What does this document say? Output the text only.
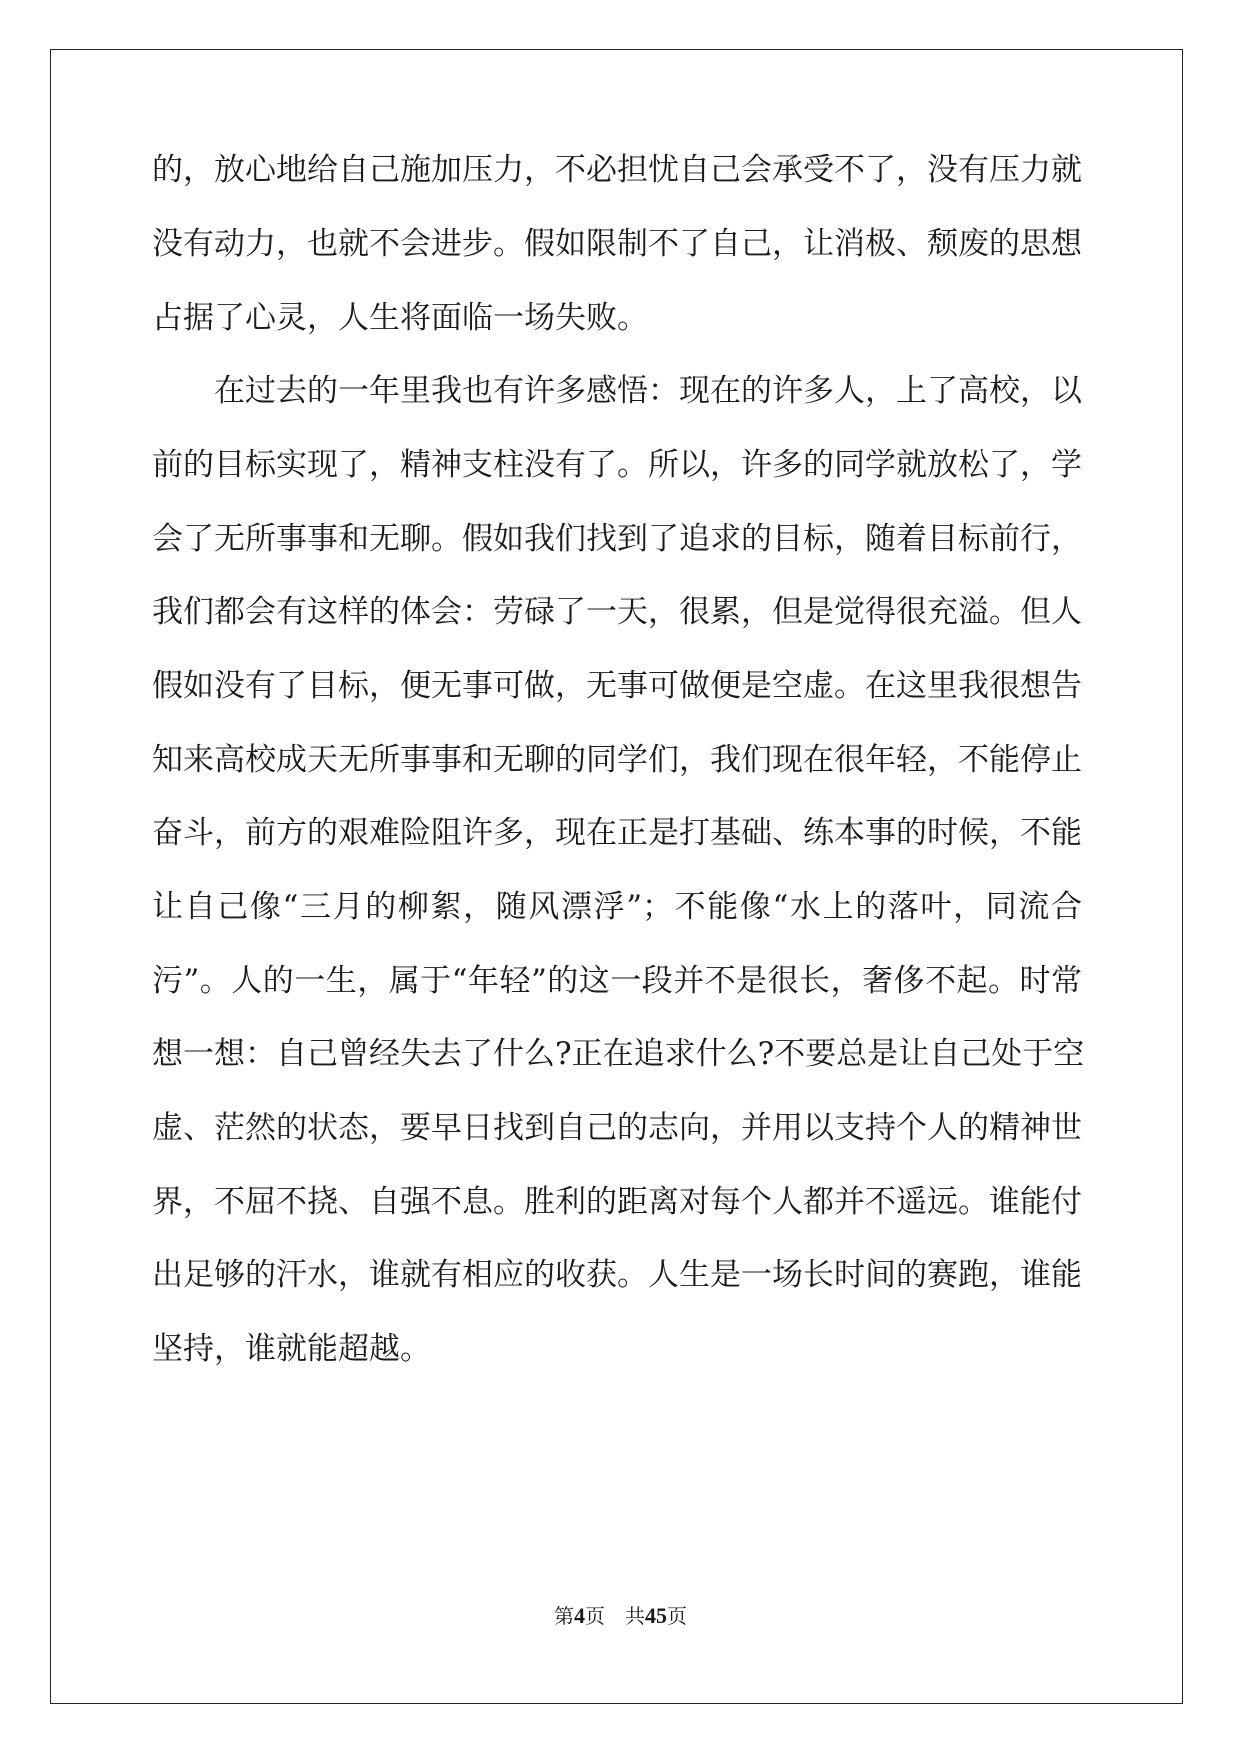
的，放心地给自己施加压力，不必担忧自己会承受不了，没有压力就
没有动力，也就不会进步。假如限制不了自己，让消极、颓废的思想
占据了心灵，人生将面临一场失败。
在过去的一年里我也有许多感悟：现在的许多人，上了高校，以
前的目标实现了，精神支柱没有了。所以，许多的同学就放松了，学
会了无所事事和无聊。假如我们找到了追求的目标，随着目标前行，
我们都会有这样的体会：劳碌了一天，很累，但是觉得很充溢。但人
假如没有了目标，便无事可做，无事可做便是空虚。在这里我很想告
知来高校成天无所事事和无聊的同学们，我们现在很年轻，不能停止
奋斗，前方的艰难险阻许多，现在正是打基础、练本事的时候，不能
让自己像“三月的柳絮，随风漂浮”；不能像“水上的落叶，同流合
污”。人的一生，属于“年轻”的这一段并不是很长，奢侈不起。时常
想一想：自己曾经失去了什么?正在追求什么?不要总是让自己处于空
虚、茫然的状态，要早日找到自己的志向，并用以支持个人的精神世
界，不屈不挠、自强不息。胜利的距离对每个人都并不遥远。谁能付
出足够的汗水，谁就有相应的收获。人生是一场长时间的赛跑，谁能
坚持，谁就能超越。
第4页 共45页
